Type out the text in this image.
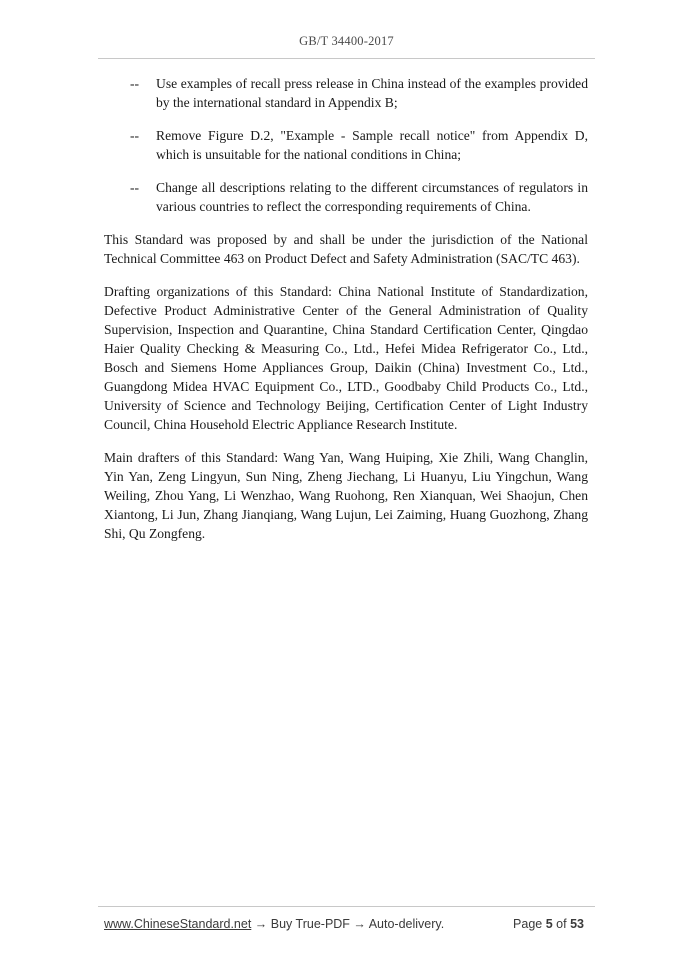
GB/T 34400-2017
--	Use examples of recall press release in China instead of the examples provided by the international standard in Appendix B;
--	Remove Figure D.2, "Example - Sample recall notice" from Appendix D, which is unsuitable for the national conditions in China;
--	Change all descriptions relating to the different circumstances of regulators in various countries to reflect the corresponding requirements of China.

This Standard was proposed by and shall be under the jurisdiction of the National Technical Committee 463 on Product Defect and Safety Administration (SAC/TC 463).

Drafting organizations of this Standard: China National Institute of Standardization, Defective Product Administrative Center of the General Administration of Quality Supervision, Inspection and Quarantine, China Standard Certification Center, Qingdao Haier Quality Checking & Measuring Co., Ltd., Hefei Midea Refrigerator Co., Ltd., Bosch and Siemens Home Appliances Group, Daikin (China) Investment Co., Ltd., Guangdong Midea HVAC Equipment Co., LTD., Goodbaby Child Products Co., Ltd., University of Science and Technology Beijing, Certification Center of Light Industry Council, China Household Electric Appliance Research Institute.

Main drafters of this Standard: Wang Yan, Wang Huiping, Xie Zhili, Wang Changlin, Yin Yan, Zeng Lingyun, Sun Ning, Zheng Jiechang, Li Huanyu, Liu Yingchun, Wang Weiling, Zhou Yang, Li Wenzhao, Wang Ruohong, Ren Xianquan, Wei Shaojun, Chen Xiantong, Li Jun, Zhang Jianqiang, Wang Lujun, Lei Zaiming, Huang Guozhong, Zhang Shi, Qu Zongfeng.

www.ChineseStandard.net → Buy True-PDF → Auto-delivery.	Page 5 of 53
